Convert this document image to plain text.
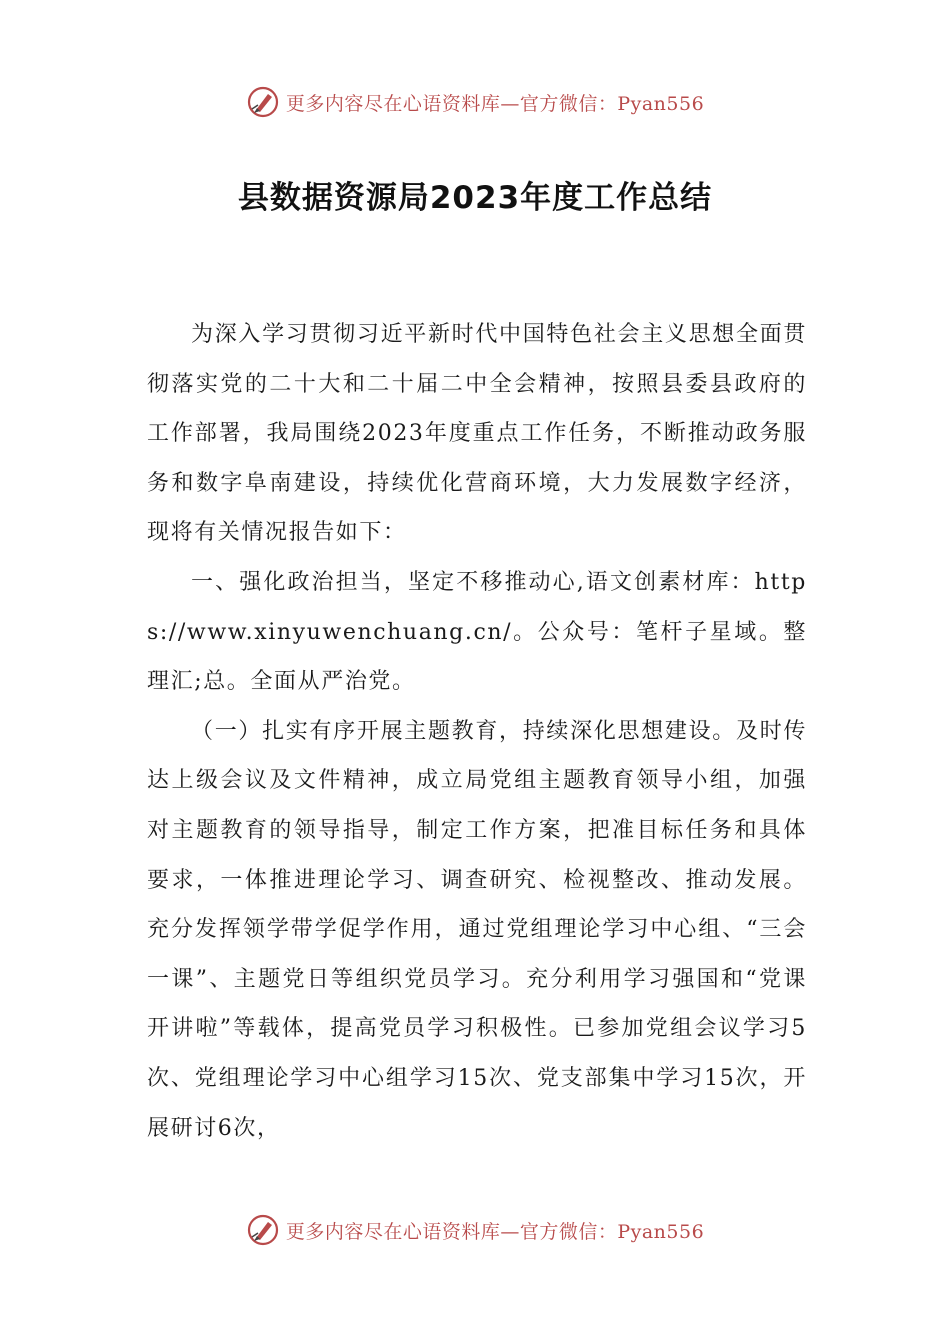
更多内容尽在心语资料库—官方微信：Pyan556
县数据资源局2023年度工作总结

为深入学习贯彻习近平新时代中国特色社会主义思想全面贯彻落实党的二十大和二十届二中全会精神，按照县委县政府的工作部署，我局围绕2023年度重点工作任务，不断推动政务服务和数字阜南建设，持续优化营商环境，大力发展数字经济，现将有关情况报告如下：

一、强化政治担当，坚定不移推动心,语文创素材库：https://www.xinyuwenchuang.cn/。公众号：笔杆子星域。整理汇;总。全面从严治党。

（一）扎实有序开展主题教育，持续深化思想建设。及时传达上级会议及文件精神，成立局党组主题教育领导小组，加强对主题教育的领导指导，制定工作方案，把准目标任务和具体要求，一体推进理论学习、调查研究、检视整改、推动发展。充分发挥领学带学促学作用，通过党组理论学习中心组、“三会一课”、主题党日等组织党员学习。充分利用学习强国和“党课开讲啦”等载体，提高党员学习积极性。已参加党组会议学习5次、党组理论学习中心组学习15次、党支部集中学习15次，开展研讨6次，

更多内容尽在心语资料库—官方微信：Pyan556
